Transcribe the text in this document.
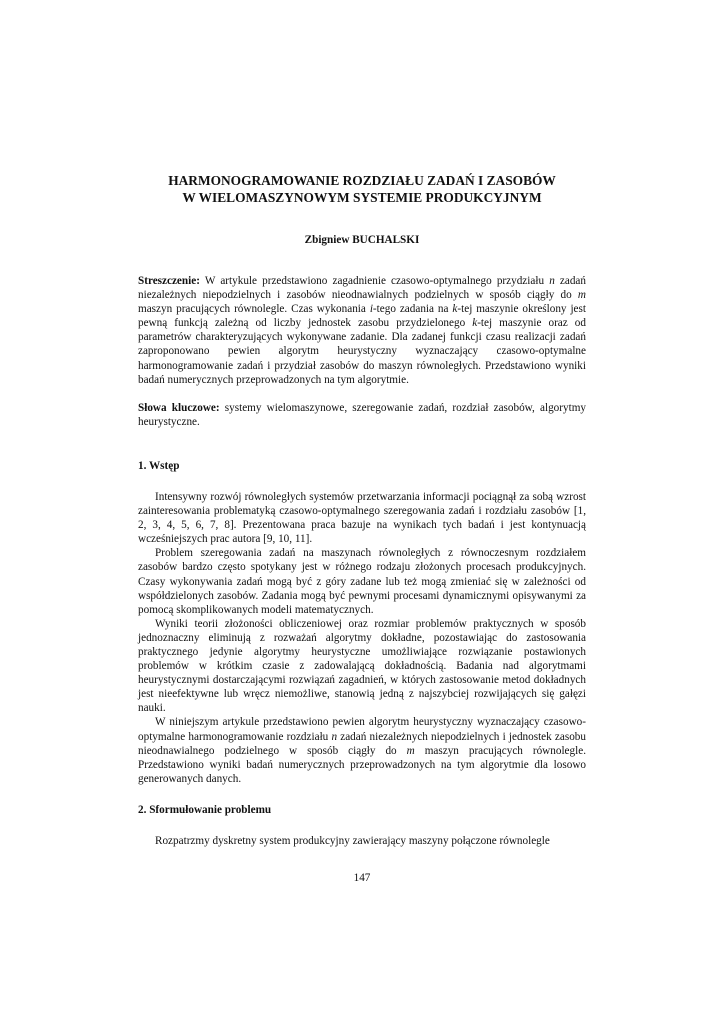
HARMONOGRAMOWANIE ROZDZIAŁU ZADAŃ I ZASOBÓW
W WIELOMASZYNOWYM SYSTEMIE PRODUKCYJNYM
Zbigniew BUCHALSKI
Streszczenie: W artykule przedstawiono zagadnienie czasowo-optymalnego przydziału n zadań niezależnych niepodzielnych i zasobów nieodnawialnych podzielnych w sposób ciągły do m maszyn pracujących równolegle. Czas wykonania i-tego zadania na k-tej maszynie określony jest pewną funkcją zależną od liczby jednostek zasobu przydzielonego k-tej maszynie oraz od parametrów charakteryzujących wykonywane zadanie. Dla zadanej funkcji czasu realizacji zadań zaproponowano pewien algorytm heurystyczny wyznaczający czasowo-optymalne harmonogramowanie zadań i przydział zasobów do maszyn równoległych. Przedstawiono wyniki badań numerycznych przeprowadzonych na tym algorytmie.
Słowa kluczowe: systemy wielomaszynowe, szeregowanie zadań, rozdział zasobów, algorytmy heurystyczne.
1. Wstęp

Intensywny rozwój równoległych systemów przetwarzania informacji pociągnął za sobą wzrost zainteresowania problematyką czasowo-optymalnego szeregowania zadań i rozdziału zasobów [1, 2, 3, 4, 5, 6, 7, 8]. Prezentowana praca bazuje na wynikach tych badań i jest kontynuacją wcześniejszych prac autora [9, 10, 11].

Problem szeregowania zadań na maszynach równoległych z równoczesnym rozdziałem zasobów bardzo często spotykany jest w różnego rodzaju złożonych procesach produkcyjnych. Czasy wykonywania zadań mogą być z góry zadane lub też mogą zmieniać się w zależności od współdzielonych zasobów. Zadania mogą być pewnymi procesami dynamicznymi opisywanymi za pomocą skomplikowanych modeli matematycznych.

Wyniki teorii złożoności obliczeniowej oraz rozmiar problemów praktycznych w sposób jednoznaczny eliminują z rozważań algorytmy dokładne, pozostawiając do zastosowania praktycznego jedynie algorytmy heurystyczne umożliwiające rozwiązanie postawionych problemów w krótkim czasie z zadowalającą dokładnością. Badania nad algorytmami heurystycznymi dostarczającymi rozwiązań zagadnień, w których zastosowanie metod dokładnych jest nieefektywne lub wręcz niemożliwe, stanowią jedną z najszybciej rozwijających się gałęzi nauki.

W niniejszym artykule przedstawiono pewien algorytm heurystyczny wyznaczający czasowo-optymalne harmonogramowanie rozdziału n zadań niezależnych niepodzielnych i jednostek zasobu nieodnawialnego podzielnego w sposób ciągły do m maszyn pracujących równolegle. Przedstawiono wyniki badań numerycznych przeprowadzonych na tym algorytmie dla losowo generowanych danych.

2. Sformułowanie problemu

Rozpatrzmy dyskretny system produkcyjny zawierający maszyny połączone równolegle

147
